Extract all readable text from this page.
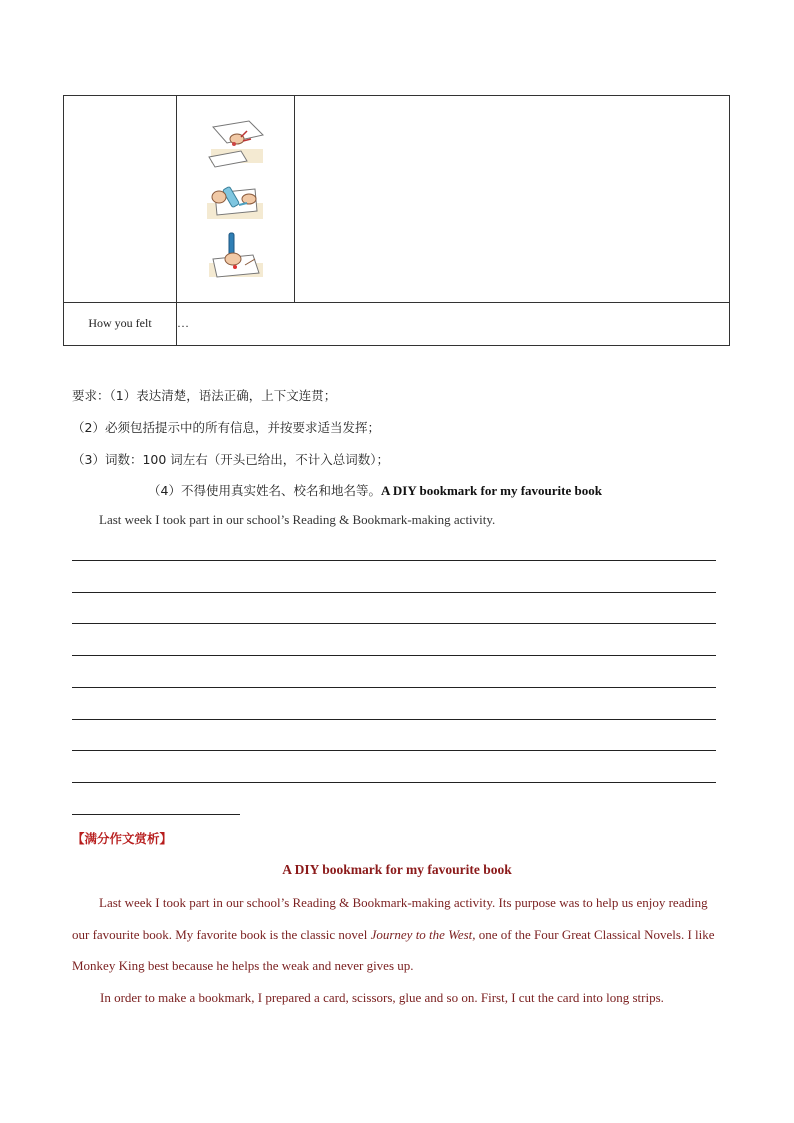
How you felt	…	
要求：（1）表达清楚，语法正确，上下文连贯；
（2）必须包括提示中的所有信息，并按要求适当发挥；
（3）词数：100 词左右（开头已给出，不计入总词数）；
（4）不得使用真实姓名、校名和地名等。A DIY bookmark for my favourite book
Last week I took part in our school’s Reading & Bookmark-making activity.
【满分作文赏析】
A DIY bookmark for my favourite book
Last week I took part in our school’s Reading & Bookmark-making activity. Its purpose was to help us enjoy reading our favourite book. My favorite book is the classic novel Journey to the West, one of the Four Great Classical Novels. I like Monkey King best because he helps the weak and never gives up.
In order to make a bookmark, I prepared a card, scissors, glue and so on. First, I cut the card into long strips.
